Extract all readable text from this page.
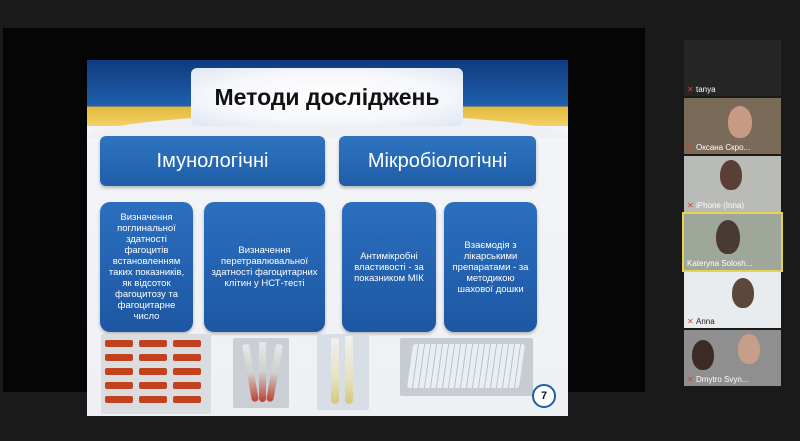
Методи досліджень
Імунологічні	Мікробіологічні
Визначення поглинальної здатності фагоцитів встановленням таких показників, як відсоток фагоцитозу та фагоцитарне число
Визначення перетравлювальної здатності фагоцитарних клітин у НСТ-тесті
Антимікробні властивості - за показником МІК
Взаємодія з лікарськими препаратами - за методикою шахової дошки
7
✕ tanya
✕ Оксана Скро...
✕ iPhone (Inna)
Kateryna Solosh...
✕ Anna
✕ Dmytro Svyn...
